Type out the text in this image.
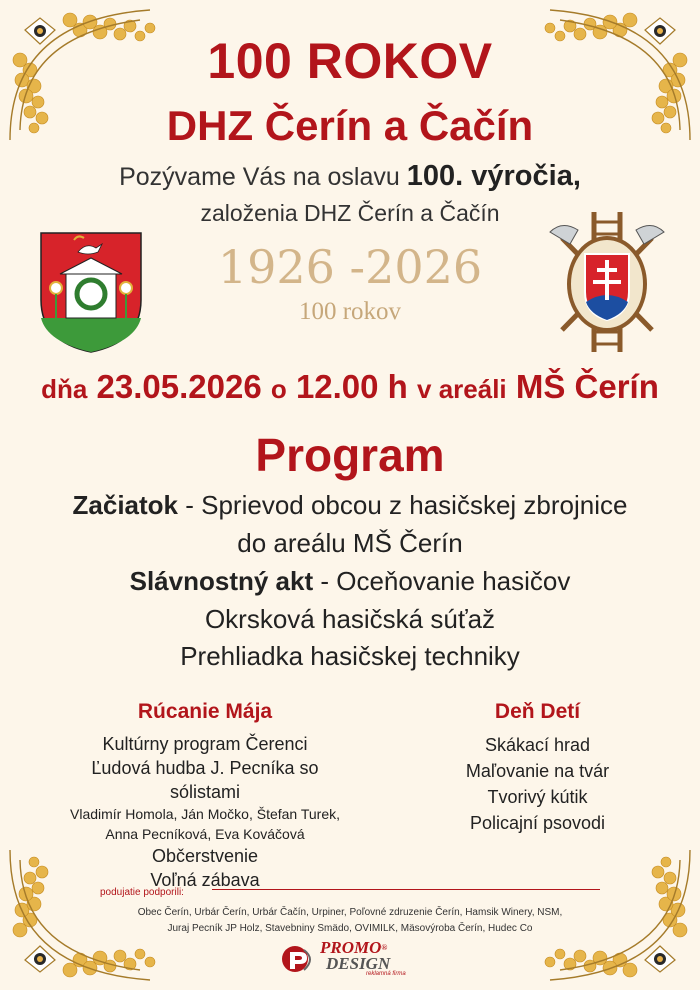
100 ROKOV
DHZ Čerín a Čačín
Pozývame Vás na oslavu 100. výročia,
založenia DHZ Čerín a Čačín
1926 -2026
100 rokov
dňa 23.05.2026 o 12.00 h v areáli MŠ Čerín
Program
Začiatok - Sprievod obcou z hasičskej zbrojnice
do areálu MŠ Čerín
Slávnostný akt - Oceňovanie hasičov
Okrsková hasičská súťaž
Prehliadka hasičskej techniky
Rúcanie Mája
Kultúrny program Čerenci
Ľudová hudba J. Pecníka so sólistami
Vladimír Homola, Ján Močko, Štefan Turek,
Anna Pecníková, Eva Kováčová
Občerstvenie
Voľná zábava
Deň Detí
Skákací hrad
Maľovanie na tvár
Tvorivý kútik
Policajní psovodi
podujatie podporili:
Obec Čerín, Urbár Čerín, Urbár Čačín, Urpiner, Poľovné zdruzenie Čerín, Hamsik Winery, NSM,
Juraj Pecník JP Holz, Stavebniny Smädo, OVIMILK, Mäsovýroba Čerín, Hudec Co
PROMO®
DESIGN
reklamná firma
